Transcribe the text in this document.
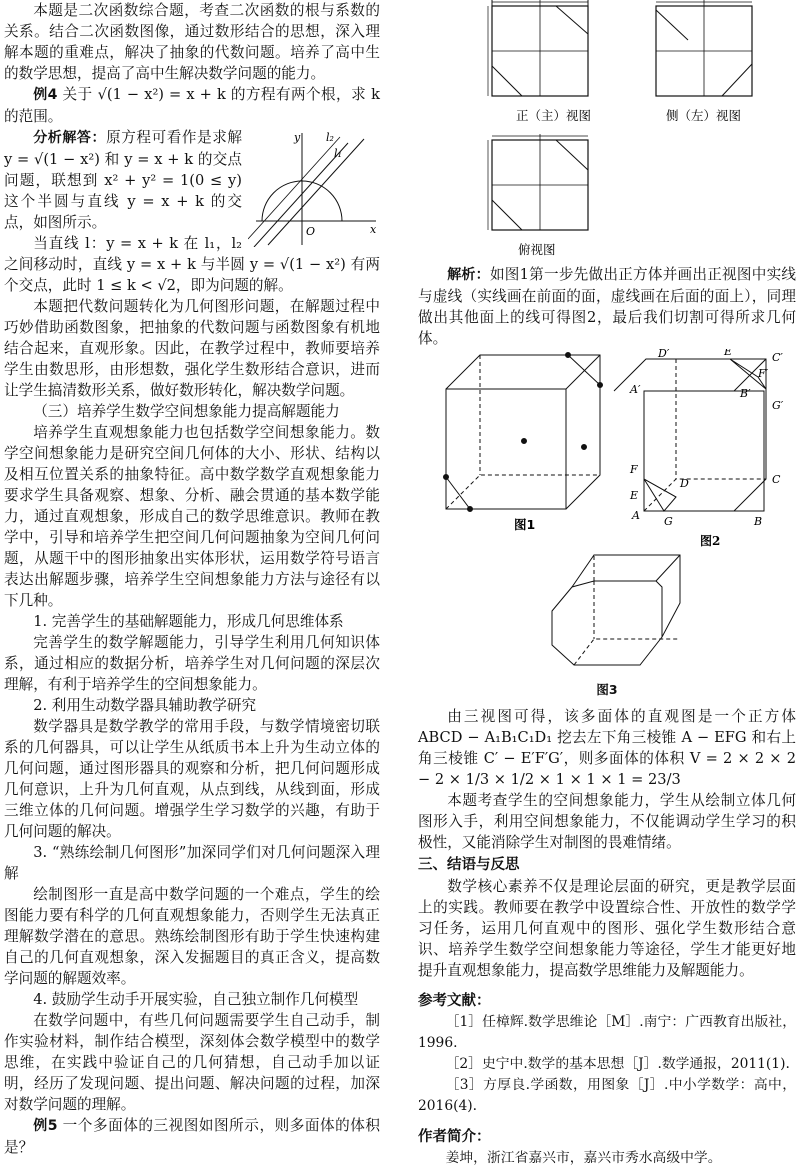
本题是二次函数综合题，考查二次函数的根与系数的关系。结合二次函数图像，通过数形结合的思想，深入理解本题的重难点，解决了抽象的代数问题。培养了高中生的数学思想，提高了高中生解决数学问题的能力。
例4 关于 √(1 − x²) = x + k 的方程有两个根，求 k 的范围。
y l₂
l₁
O	x
分析解答：原方程可看作是求解 y = √(1 − x²) 和 y = x + k 的交点问题，联想到 x² + y² = 1(0 ≤ y) 这个半圆与直线 y = x + k 的交点，如图所示。
当直线 l：y = x + k 在 l₁，l₂ 之间移动时，直线 y = x + k 与半圆 y = √(1 − x²) 有两个交点，此时 1 ≤ k < √2，即为问题的解。
本题把代数问题转化为几何图形问题，在解题过程中巧妙借助函数图象，把抽象的代数问题与函数图象有机地结合起来，直观形象。因此，在教学过程中，教师要培养学生由数思形，由形想数，强化学生数形结合意识，进而让学生搞清数形关系，做好数形转化，解决数学问题。
（三）培养学生数学空间想象能力提高解题能力
培养学生直观想象能力也包括数学空间想象能力。数学空间想象能力是研究空间几何体的大小、形状、结构以及相互位置关系的抽象特征。高中数学数学直观想象能力要求学生具备观察、想象、分析、融会贯通的基本数学能力，通过直观想象，形成自己的数学思维意识。教师在教学中，引导和培养学生把空间几何问题抽象为空间几何问题，从题干中的图形抽象出实体形状，运用数学符号语言表达出解题步骤，培养学生空间想象能力方法与途径有以下几种。
1. 完善学生的基础解题能力，形成几何思维体系
完善学生的数学解题能力，引导学生利用几何知识体系，通过相应的数据分析，培养学生对几何问题的深层次理解，有利于培养学生的空间想象能力。
2. 利用生动数学器具辅助教学研究
数学器具是数学教学的常用手段，与数学情境密切联系的几何器具，可以让学生从纸质书本上升为生动立体的几何问题，通过图形器具的观察和分析，把几何问题形成几何意识，上升为几何直观，从点到线，从线到面，形成三维立体的几何问题。增强学生学习数学的兴趣，有助于几何问题的解决。
3. “熟练绘制几何图形”加深同学们对几何问题深入理解
绘制图形一直是高中数学问题的一个难点，学生的绘图能力要有科学的几何直观想象能力，否则学生无法真正理解数学潜在的意思。熟练绘制图形有助于学生快速构建自己的几何直观想象，深入发掘题目的真正含义，提高数学问题的解题效率。
4. 鼓励学生动手开展实验，自己独立制作几何模型
在数学问题中，有些几何问题需要学生自己动手，制作实验材料，制作结合模型，深刻体会数学模型中的数学思维，在实践中验证自己的几何猜想，自己动手加以证明，经历了发现问题、提出问题、解决问题的过程，加深对数学问题的理解。
例5 一个多面体的三视图如图所示，则多面体的体积是？
正（主）视图	侧（左）视图
俯视图
解析：如图1第一步先做出正方体并画出正视图中实线与虚线（实线画在前面的面，虚线画在后面的面上），同理做出其他面上的线可得图2，最后我们切割可得所求几何体。
图1
D′	E′	C′
F′
A′	B′
G′
F
D	C
E
A G	B
图2
图3
由三视图可得，该多面体的直观图是一个正方体 ABCD − A₁B₁C₁D₁ 挖去左下角三棱锥 A − EFG 和右上角三棱锥 C′ − E′F′G′，则多面体的体积 V = 2 × 2 × 2 − 2 × 1/3 × 1/2 × 1 × 1 × 1 = 23/3
本题考查学生的空间想象能力，学生从绘制立体几何图形入手，利用空间想象能力，不仅能调动学生学习的积极性，又能消除学生对制图的畏难情绪。
三、结语与反思
数学核心素养不仅是理论层面的研究，更是教学层面上的实践。教师要在教学中设置综合性、开放性的数学学习任务，运用几何直观中的图形、强化学生数形结合意识、培养学生数学空间想象能力等途径，学生才能更好地提升直观想象能力，提高数学思维能力及解题能力。
参考文献：
［1］任樟辉.数学思维论［M］.南宁：广西教育出版社，1996.
［2］史宁中.数学的基本思想［J］.数学通报，2011(1).
［3］方厚良.学函数，用图象［J］.中小学数学：高中，2016(4).
作者简介：
姜坤，浙江省嘉兴市，嘉兴市秀水高级中学。
